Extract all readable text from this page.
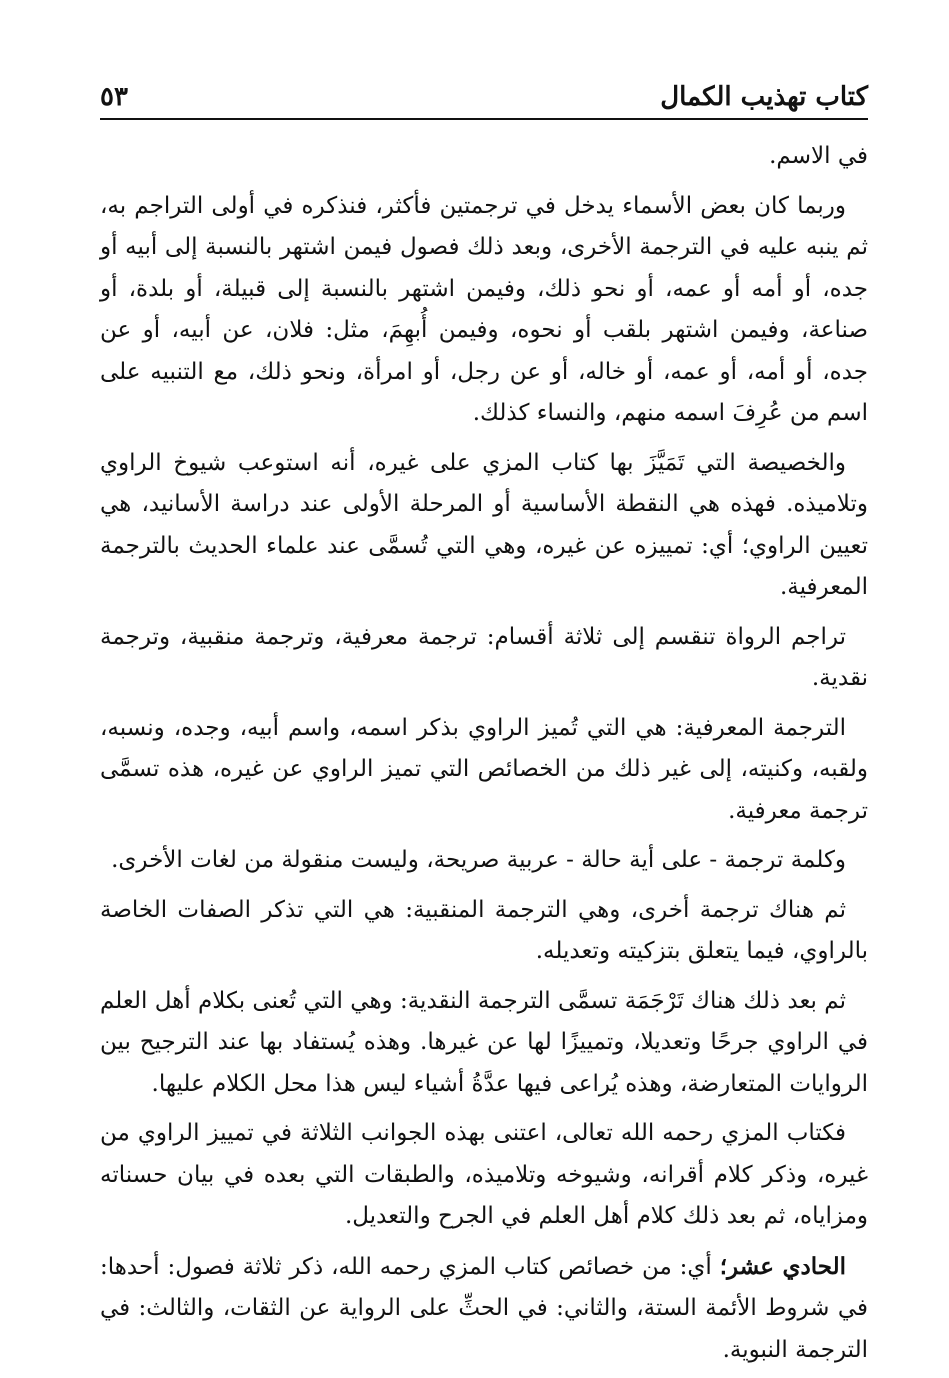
كتاب تهذيب الكمال
٥٣

في الاسم.

وربما كان بعض الأسماء يدخل في ترجمتين فأكثر، فنذكره في أولى التراجم به، ثم ينبه عليه في الترجمة الأخرى، وبعد ذلك فصول فيمن اشتهر بالنسبة إلى أبيه أو جده، أو أمه أو عمه، أو نحو ذلك، وفيمن اشتهر بالنسبة إلى قبيلة، أو بلدة، أو صناعة، وفيمن اشتهر بلقب أو نحوه، وفيمن أُبهِمَ، مثل: فلان، عن أبيه، أو عن جده، أو أمه، أو عمه، أو خاله، أو عن رجل، أو امرأة، ونحو ذلك، مع التنبيه على اسم من عُرِفَ اسمه منهم، والنساء كذلك.

والخصيصة التي تَمَيَّزَ بها كتاب المزي على غيره، أنه استوعب شيوخ الراوي وتلاميذه. فهذه هي النقطة الأساسية أو المرحلة الأولى عند دراسة الأسانيد، هي تعيين الراوي؛ أي: تمييزه عن غيره، وهي التي تُسمَّى عند علماء الحديث بالترجمة المعرفية.

تراجم الرواة تنقسم إلى ثلاثة أقسام: ترجمة معرفية، وترجمة منقبية، وترجمة نقدية.

الترجمة المعرفية: هي التي تُميز الراوي بذكر اسمه، واسم أبيه، وجده، ونسبه، ولقبه، وكنيته، إلى غير ذلك من الخصائص التي تميز الراوي عن غيره، هذه تسمَّى ترجمة معرفية.

وكلمة ترجمة - على أية حالة - عربية صريحة، وليست منقولة من لغات الأخرى.

ثم هناك ترجمة أخرى، وهي الترجمة المنقبية: هي التي تذكر الصفات الخاصة بالراوي، فيما يتعلق بتزكيته وتعديله.

ثم بعد ذلك هناك تَرْجَمَة تسمَّى الترجمة النقدية: وهي التي تُعنى بكلام أهل العلم في الراوي جرحًا وتعديلا، وتمييزًا لها عن غيرها. وهذه يُستفاد بها عند الترجيح بين الروايات المتعارضة، وهذه يُراعى فيها عدَّةُ أشياء ليس هذا محل الكلام عليها.

فكتاب المزي رحمه الله تعالى، اعتنى بهذه الجوانب الثلاثة في تمييز الراوي من غيره، وذكر كلام أقرانه، وشيوخه وتلاميذه، والطبقات التي بعده في بيان حسناته ومزاياه، ثم بعد ذلك كلام أهل العلم في الجرح والتعديل.

الحادي عشر؛ أي: من خصائص كتاب المزي رحمه الله، ذكر ثلاثة فصول: أحدها: في شروط الأئمة الستة، والثاني: في الحثِّ على الرواية عن الثقات، والثالث: في الترجمة النبوية.
